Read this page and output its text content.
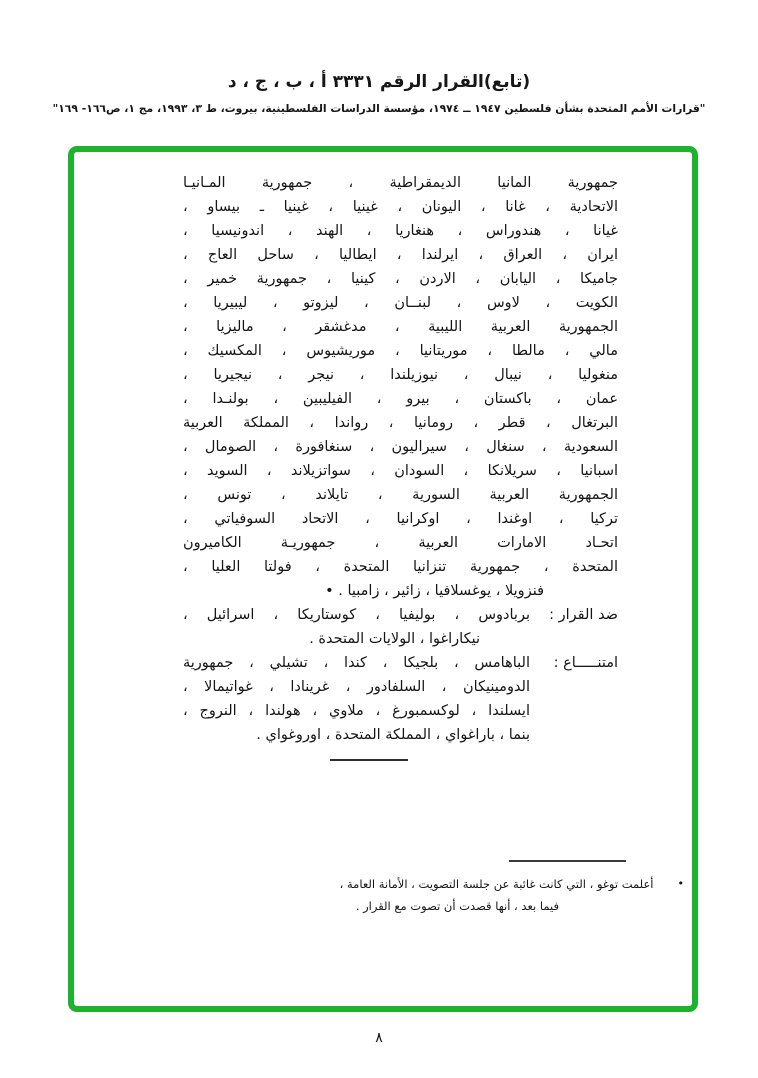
(تابع)القرار الرقم ٣٣٣١ أ ، ب ، ج ، د
"قرارات الأمم المتحدة بشأن فلسطين ١٩٤٧ ــ ١٩٧٤، مؤسسة الدراسات الفلسطينية، بيروت، ط ٣، ١٩٩٣، مج ١، ص١٦٦- ١٦٩"
جمهورية المانيا الديمقراطية ، جمهورية المـانيـا
الاتحادية ، غانا ، اليونان ، غينيا ، غينيا ـ بيساو ،
غيانا ، هندوراس ، هنغاريا ، الهند ، اندونيسيا ،
ايران ، العراق ، ايرلندا ، ايطاليا ، ساحل العاج ،
جاميكا ، اليابان ، الاردن ، كينيا ، جمهورية خمير ،
الكويت ، لاوس ، لبنــان ، ليزوتو ، ليبيريا ،
الجمهورية العربية الليبية ، مدغشقر ، ماليزيا ،
مالي ، مالطا ، موريتانيا ، موريشيوس ، المكسيك ،
منغوليا ، نيبال ، نيوزيلندا ، نيجر ، نيجيريا ،
عمان ، باكستان ، بيرو ، الفيليبين ، بولنـدا ،
البرتغال ، قطر ، رومانيا ، رواندا ، المملكة العربية
السعودية ، سنغال ، سيراليون ، سنغافورة ، الصومال ،
اسبانيا ، سريلانكا ، السودان ، سواتزيلاند ، السويد ،
الجمهورية العربية السورية ، تايلاند ، تونس ،
تركيا ، اوغندا ، اوكرانيا ، الاتحاد السوفياتي ،
اتحـاد الامارات العربية ، جمهوريـة الكاميرون
المتحدة ، جمهورية تنزانيا المتحدة ، فولتا العليا ،
فنزويلا ، يوغسلافيا ، زائير ، زامبيا . •
ضد القرار :
بربادوس ، بوليفيا ، كوستاريكا ، اسرائيل ،
نيكاراغوا ، الولايات المتحدة .
امتنـــــاع :
الباهامس ، بلجيكا ، كندا ، تشيلي ، جمهورية
الدومينيكان ، السلفادور ، غرينادا ، غواتيمالا ،
ايسلندا ، لوكسمبورغ ، ملاوي ، هولندا ، النروج ،
بنما ، باراغواي ، المملكة المتحدة ، اوروغواي .
•
أعلمت توغو ، التي كانت غائبة عن جلسة التصويت ، الأمانة العامة ،
فيما بعد ، أنها قصدت أن تصوت مع القرار .
٨
